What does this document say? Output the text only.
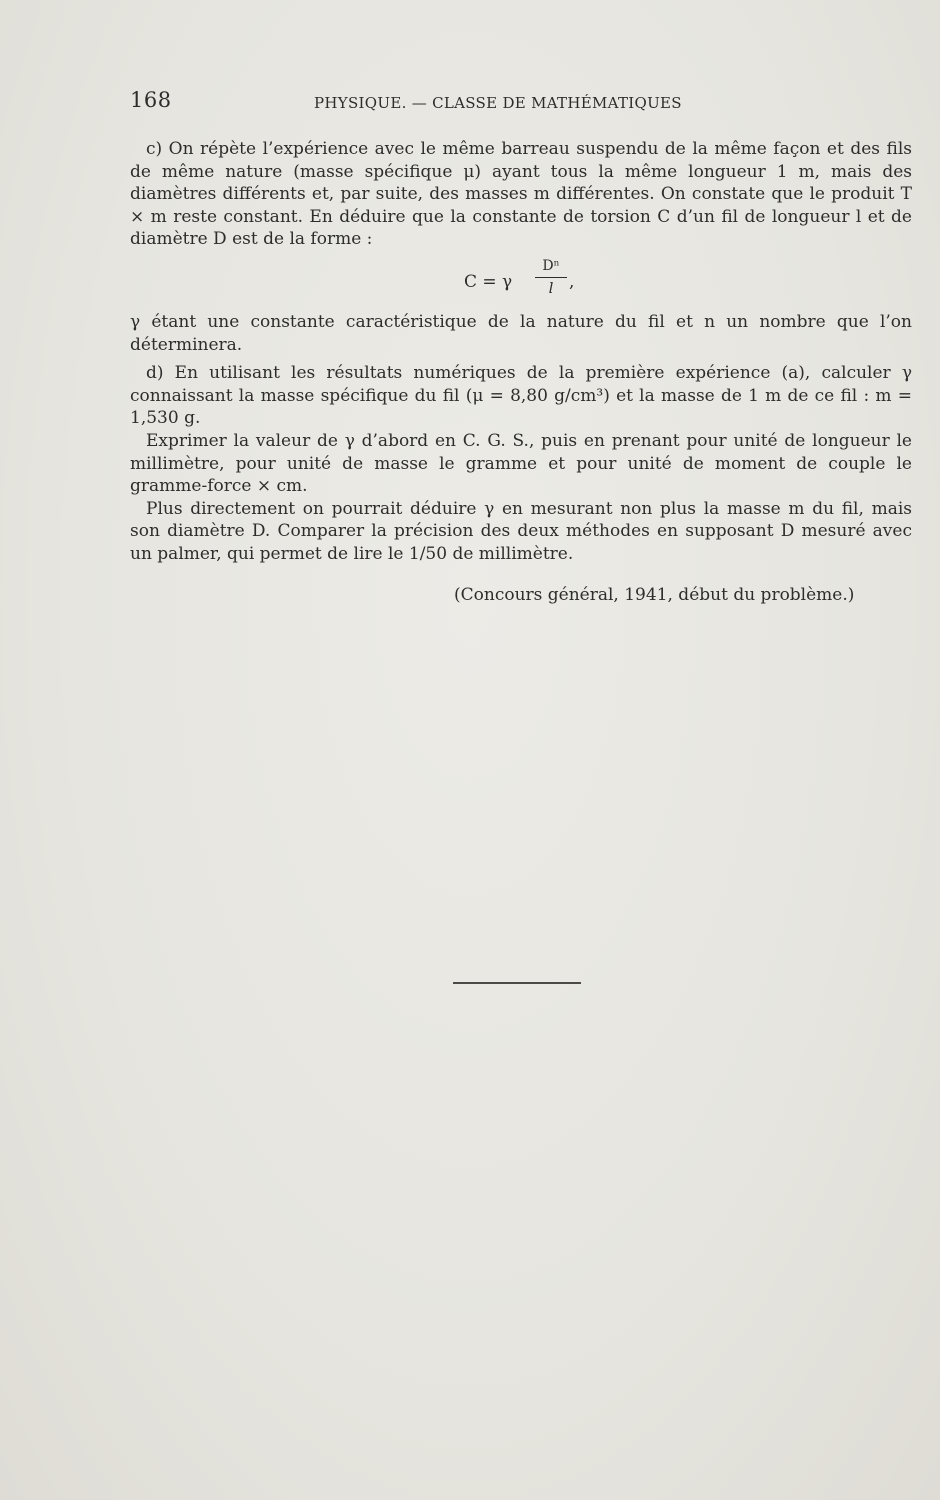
168	PHYSIQUE. — CLASSE DE MATHÉMATIQUES

c) On répète l’expérience avec le même barreau suspendu de la même façon et des fils de même nature (masse spécifique μ) ayant tous la même longueur 1 m, mais des diamètres différents et, par suite, des masses m différentes. On constate que le produit T × m reste constant. En déduire que la constante de torsion C d’un fil de longueur l et de diamètre D est de la forme :

C = γ
Dⁿ
l ,

γ étant une constante caractéristique de la nature du fil et n un nombre que l’on déterminera.

d) En utilisant les résultats numériques de la première expérience (a), calculer γ connaissant la masse spécifique du fil (μ = 8,80 g/cm³) et la masse de 1 m de ce fil : m = 1,530 g.

Exprimer la valeur de γ d’abord en C. G. S., puis en prenant pour unité de longueur le millimètre, pour unité de masse le gramme et pour unité de moment de couple le gramme-force × cm.

Plus directement on pourrait déduire γ en mesurant non plus la masse m du fil, mais son diamètre D. Comparer la précision des deux méthodes en supposant D mesuré avec un palmer, qui permet de lire le 1/50 de millimètre.

(Concours général, 1941, début du problème.)
